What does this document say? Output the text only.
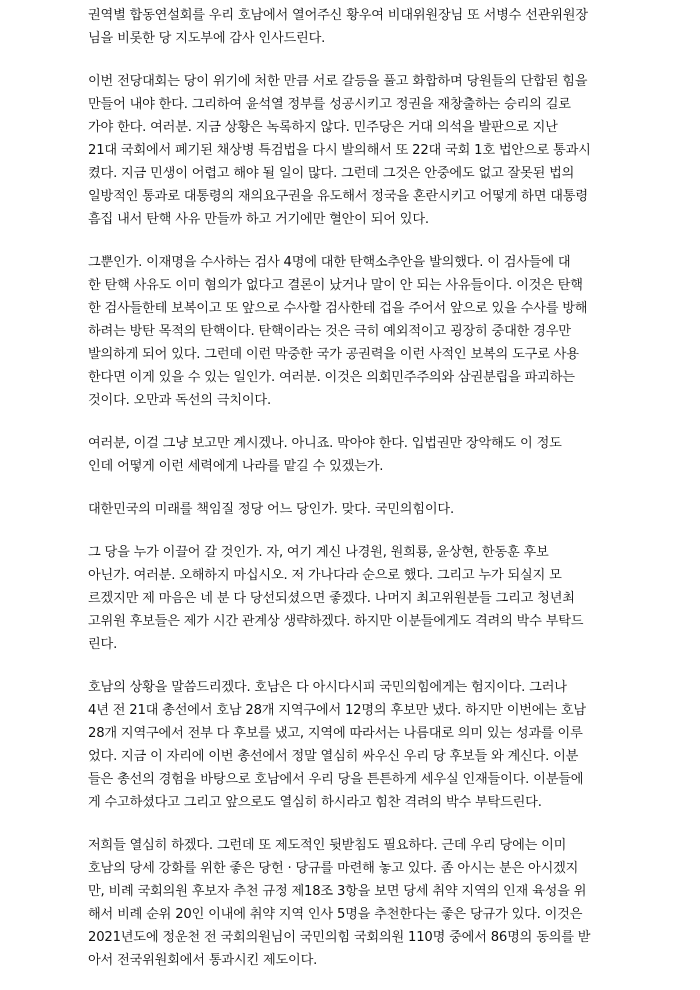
권역별 합동연설회를 우리 호남에서 열어주신 황우여 비대위원장님 또 서병수 선관위원장
님을 비롯한 당 지도부에 감사 인사드린다.

이번 전당대회는 당이 위기에 처한 만큼 서로 갈등을 풀고 화합하며 당원들의 단합된 힘을
만들어 내야 한다. 그리하여 윤석열 정부를 성공시키고 정권을 재창출하는 승리의 길로
가야 한다. 여러분. 지금 상황은 녹록하지 않다. 민주당은 거대 의석을 발판으로 지난
21대 국회에서 폐기된 채상병 특검법을 다시 발의해서 또 22대 국회 1호 법안으로 통과시
켰다. 지금 민생이 어렵고 해야 될 일이 많다. 그런데 그것은 안중에도 없고 잘못된 법의
일방적인 통과로 대통령의 재의요구권을 유도해서 정국을 혼란시키고 어떻게 하면 대통령
흠집 내서 탄핵 사유 만들까 하고 거기에만 혈안이 되어 있다.

그뿐인가. 이재명을 수사하는 검사 4명에 대한 탄핵소추안을 발의했다. 이 검사들에 대
한 탄핵 사유도 이미 혐의가 없다고 결론이 났거나 말이 안 되는 사유들이다. 이것은 탄핵
한 검사들한테 보복이고 또 앞으로 수사할 검사한테 겁을 주어서 앞으로 있을 수사를 방해
하려는 방탄 목적의 탄핵이다. 탄핵이라는 것은 극히 예외적이고 굉장히 중대한 경우만
발의하게 되어 있다. 그런데 이런 막중한 국가 공권력을 이런 사적인 보복의 도구로 사용
한다면 이게 있을 수 있는 일인가. 여러분. 이것은 의회민주주의와 삼권분립을 파괴하는
것이다. 오만과 독선의 극치이다.

여러분, 이걸 그냥 보고만 계시겠나. 아니죠. 막아야 한다. 입법권만 장악해도 이 정도
인데 어떻게 이런 세력에게 나라를 맡길 수 있겠는가.

대한민국의 미래를 책임질 정당 어느 당인가. 맞다. 국민의힘이다.

그 당을 누가 이끌어 갈 것인가. 자, 여기 계신 나경원, 원희룡, 윤상현, 한동훈 후보
아닌가. 여러분. 오해하지 마십시오. 저 가나다라 순으로 했다. 그리고 누가 되실지 모
르겠지만 제 마음은 네 분 다 당선되셨으면 좋겠다. 나머지 최고위원분들 그리고 청년최
고위원 후보들은 제가 시간 관계상 생략하겠다. 하지만 이분들에게도 격려의 박수 부탁드
린다.

호남의 상황을 말씀드리겠다. 호남은 다 아시다시피 국민의힘에게는 험지이다. 그러나
4년 전 21대 총선에서 호남 28개 지역구에서 12명의 후보만 냈다. 하지만 이번에는 호남
28개 지역구에서 전부 다 후보를 냈고, 지역에 따라서는 나름대로 의미 있는 성과를 이루
었다. 지금 이 자리에 이번 총선에서 정말 열심히 싸우신 우리 당 후보들 와 계신다. 이분
들은 총선의 경험을 바탕으로 호남에서 우리 당을 튼튼하게 세우실 인재들이다. 이분들에
게 수고하셨다고 그리고 앞으로도 열심히 하시라고 힘찬 격려의 박수 부탁드린다.

저희들 열심히 하겠다. 그런데 또 제도적인 뒷받침도 필요하다. 근데 우리 당에는 이미
호남의 당세 강화를 위한 좋은 당헌 · 당규를 마련해 놓고 있다. 좀 아시는 분은 아시겠지
만, 비례 국회의원 후보자 추천 규정 제18조 3항을 보면 당세 취약 지역의 인재 육성을 위
해서 비례 순위 20인 이내에 취약 지역 인사 5명을 추천한다는 좋은 당규가 있다. 이것은
2021년도에 정운천 전 국회의원님이 국민의힘 국회의원 110명 중에서 86명의 동의를 받
아서 전국위원회에서 통과시킨 제도이다.
